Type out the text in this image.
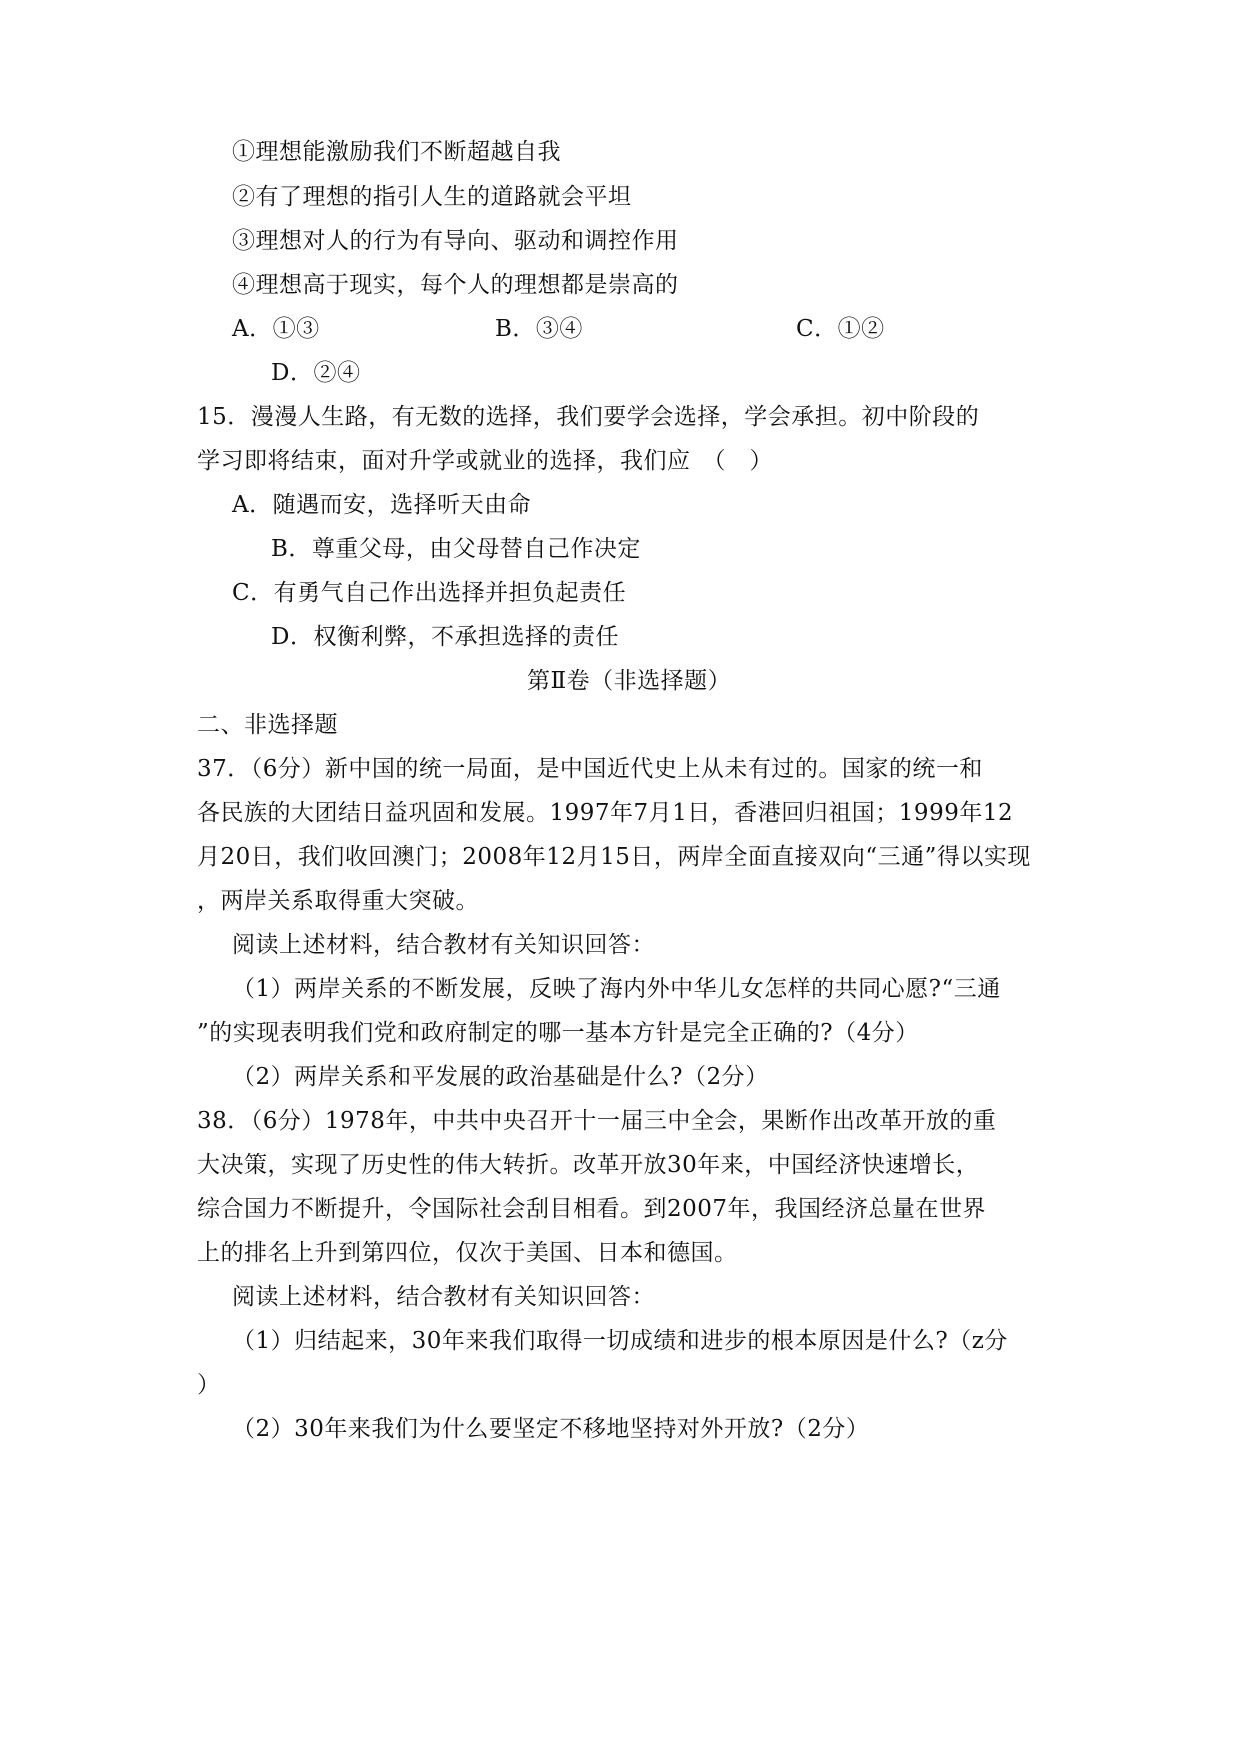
①理想能激励我们不断超越自我
②有了理想的指引人生的道路就会平坦
③理想对人的行为有导向、驱动和调控作用
④理想高于现实，每个人的理想都是崇高的
A．①③	B．③④	C．①②
D．②④
15．漫漫人生路，有无数的选择，我们要学会选择，学会承担。初中阶段的
学习即将结束，面对升学或就业的选择，我们应　（　）
A．随遇而安，选择听天由命
B．尊重父母，由父母替自己作决定
C．有勇气自己作出选择并担负起责任
D．权衡利弊，不承担选择的责任
第Ⅱ卷（非选择题）
二、非选择题
37．（6分）新中国的统一局面，是中国近代史上从未有过的。国家的统一和
各民族的大团结日益巩固和发展。1997年7月1日，香港回归祖国；1999年12
月20日，我们收回澳门；2008年12月15日，两岸全面直接双向“三通”得以实现
，两岸关系取得重大突破。
阅读上述材料，结合教材有关知识回答：
（1）两岸关系的不断发展，反映了海内外中华儿女怎样的共同心愿?“三通
”的实现表明我们党和政府制定的哪一基本方针是完全正确的?（4分）
（2）两岸关系和平发展的政治基础是什么?（2分）
38．（6分）1978年，中共中央召开十一届三中全会，果断作出改革开放的重
大决策，实现了历史性的伟大转折。改革开放30年来，中国经济快速增长，
综合国力不断提升，令国际社会刮目相看。到2007年，我国经济总量在世界
上的排名上升到第四位，仅次于美国、日本和德国。
阅读上述材料，结合教材有关知识回答：
（1）归结起来，30年来我们取得一切成绩和进步的根本原因是什么?（z分
）
（2）30年来我们为什么要坚定不移地坚持对外开放?（2分）
